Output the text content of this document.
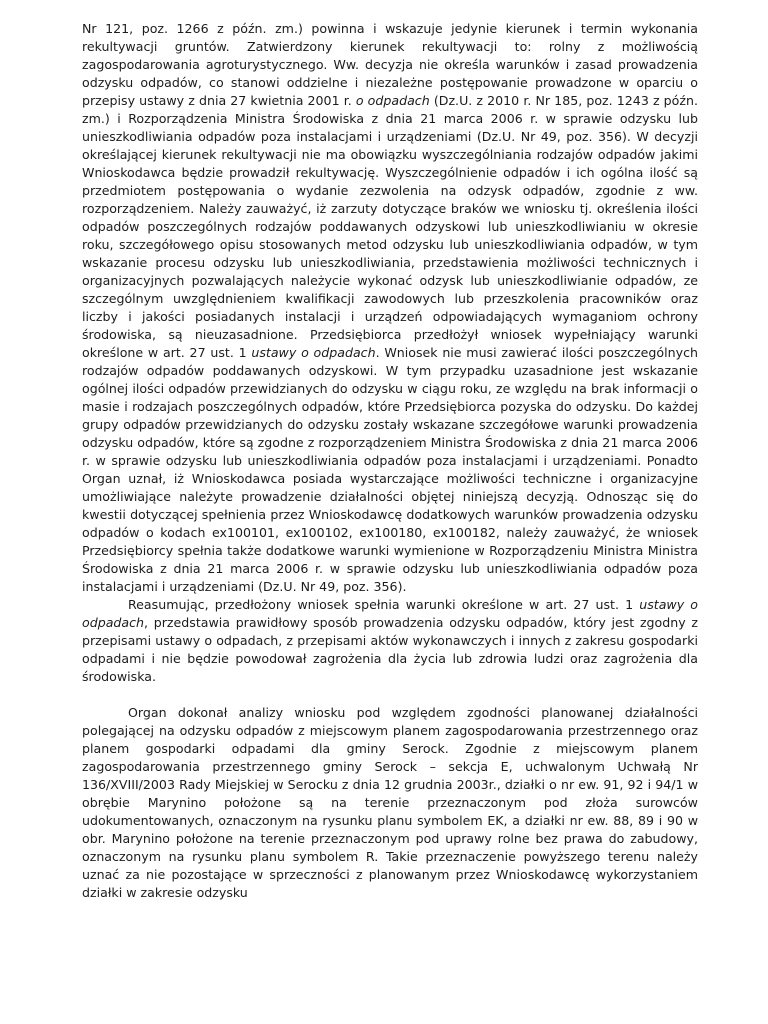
Nr 121, poz. 1266 z późn. zm.) powinna i wskazuje jedynie kierunek i termin wykonania rekultywacji gruntów. Zatwierdzony kierunek rekultywacji to: rolny z możliwością zagospodarowania agroturystycznego. Ww. decyzja nie określa warunków i zasad prowadzenia odzysku odpadów, co stanowi oddzielne i niezależne postępowanie prowadzone w oparciu o przepisy ustawy z dnia 27 kwietnia 2001 r. o odpadach (Dz.U. z 2010 r. Nr 185, poz. 1243 z późn. zm.) i Rozporządzenia Ministra Środowiska z dnia 21 marca 2006 r. w sprawie odzysku lub unieszkodliwiania odpadów poza instalacjami i urządzeniami (Dz.U. Nr 49, poz. 356). W decyzji określającej kierunek rekultywacji nie ma obowiązku wyszczególniania rodzajów odpadów jakimi Wnioskodawca będzie prowadził rekultywację. Wyszczególnienie odpadów i ich ogólna ilość są przedmiotem postępowania o wydanie zezwolenia na odzysk odpadów, zgodnie z ww. rozporządzeniem. Należy zauważyć, iż zarzuty dotyczące braków we wniosku tj. określenia ilości odpadów poszczególnych rodzajów poddawanych odzyskowi lub unieszkodliwianiu w okresie roku, szczegółowego opisu stosowanych metod odzysku lub unieszkodliwiania odpadów, w tym wskazanie procesu odzysku lub unieszkodliwiania, przedstawienia możliwości technicznych i organizacyjnych pozwalających należycie wykonać odzysk lub unieszkodliwianie odpadów, ze szczególnym uwzględnieniem kwalifikacji zawodowych lub przeszkolenia pracowników oraz liczby i jakości posiadanych instalacji i urządzeń odpowiadających wymaganiom ochrony środowiska, są nieuzasadnione. Przedsiębiorca przedłożył wniosek wypełniający warunki określone w art. 27 ust. 1 ustawy o odpadach. Wniosek nie musi zawierać ilości poszczególnych rodzajów odpadów poddawanych odzyskowi. W tym przypadku uzasadnione jest wskazanie ogólnej ilości odpadów przewidzianych do odzysku w ciągu roku, ze względu na brak informacji o masie i rodzajach poszczególnych odpadów, które Przedsiębiorca pozyska do odzysku. Do każdej grupy odpadów przewidzianych do odzysku zostały wskazane szczegółowe warunki prowadzenia odzysku odpadów, które są zgodne z rozporządzeniem Ministra Środowiska z dnia 21 marca 2006 r. w sprawie odzysku lub unieszkodliwiania odpadów poza instalacjami i urządzeniami. Ponadto Organ uznał, iż Wnioskodawca posiada wystarczające możliwości techniczne i organizacyjne umożliwiające należyte prowadzenie działalności objętej niniejszą decyzją. Odnosząc się do kwestii dotyczącej spełnienia przez Wnioskodawcę dodatkowych warunków prowadzenia odzysku odpadów o kodach ex100101, ex100102, ex100180, ex100182, należy zauważyć, że wniosek Przedsiębiorcy spełnia także dodatkowe warunki wymienione w Rozporządzeniu Ministra Ministra Środowiska z dnia 21 marca 2006 r. w sprawie odzysku lub unieszkodliwiania odpadów poza instalacjami i urządzeniami (Dz.U. Nr 49, poz. 356).

Reasumując, przedłożony wniosek spełnia warunki określone w art. 27 ust. 1 ustawy o odpadach, przedstawia prawidłowy sposób prowadzenia odzysku odpadów, który jest zgodny z przepisami ustawy o odpadach, z przepisami aktów wykonawczych i innych z zakresu gospodarki odpadami i nie będzie powodował zagrożenia dla życia lub zdrowia ludzi oraz zagrożenia dla środowiska.

Organ dokonał analizy wniosku pod względem zgodności planowanej działalności polegającej na odzysku odpadów z miejscowym planem zagospodarowania przestrzennego oraz planem gospodarki odpadami dla gminy Serock. Zgodnie z miejscowym planem zagospodarowania przestrzennego gminy Serock – sekcja E, uchwalonym Uchwałą Nr 136/XVIII/2003 Rady Miejskiej w Serocku z dnia 12 grudnia 2003r., działki o nr ew. 91, 92 i 94/1 w obrębie Marynino położone są na terenie przeznaczonym pod złoża surowców udokumentowanych, oznaczonym na rysunku planu symbolem EK, a działki nr ew. 88, 89 i 90 w obr. Marynino położone na terenie przeznaczonym pod uprawy rolne bez prawa do zabudowy, oznaczonym na rysunku planu symbolem R. Takie przeznaczenie powyższego terenu należy uznać za nie pozostające w sprzeczności z planowanym przez Wnioskodawcę wykorzystaniem działki w zakresie odzysku
